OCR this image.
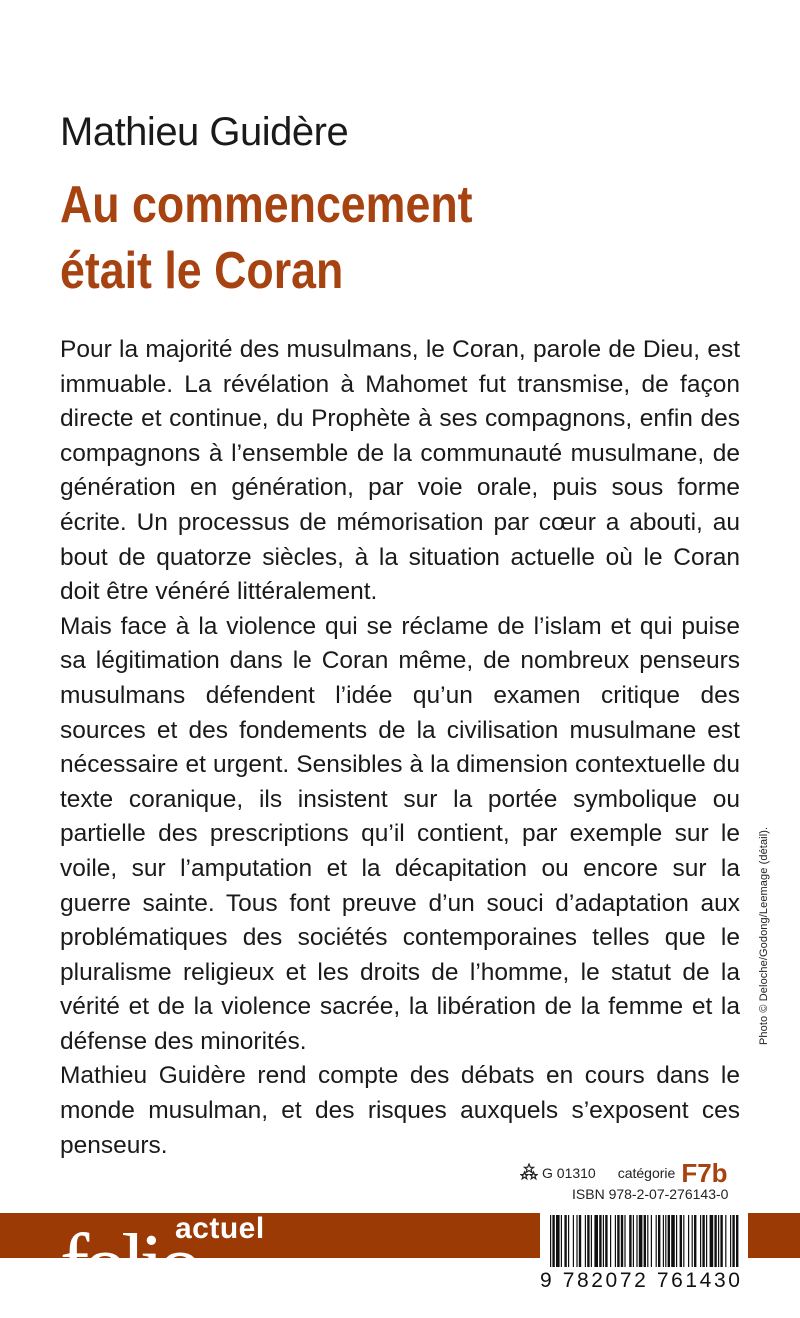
Mathieu Guidère
Au commencement
était le Coran

Pour la majorité des musulmans, le Coran, parole de Dieu, est immuable. La révélation à Mahomet fut transmise, de façon directe et continue, du Prophète à ses compagnons, enfin des compagnons à l’ensemble de la communauté musulmane, de génération en génération, par voie orale, puis sous forme écrite. Un processus de mémorisation par cœur a abouti, au bout de quatorze siècles, à la situation actuelle où le Coran doit être vénéré littéralement.

Mais face à la violence qui se réclame de l’islam et qui puise sa légitimation dans le Coran même, de nombreux penseurs musulmans défendent l’idée qu’un examen critique des sources et des fondements de la civilisation musulmane est nécessaire et urgent. Sensibles à la dimension contextuelle du texte coranique, ils insistent sur la portée symbolique ou partielle des prescriptions qu’il contient, par exemple sur le voile, sur l’amputation et la décapitation ou encore sur la guerre sainte. Tous font preuve d’un souci d’adaptation aux problématiques des sociétés contemporaines telles que le pluralisme religieux et les droits de l’homme, le statut de la vérité et de la violence sacrée, la libération de la femme et la défense des minorités.

Mathieu Guidère rend compte des débats en cours dans le monde musulman, et des risques auxquels s’exposent ces penseurs.

Photo © Deloche/Godong/Leemage (détail).
G 01310 catégorie F7b
ISBN 978-2-07-276143-0
folio
actuel
9 782072 761430
